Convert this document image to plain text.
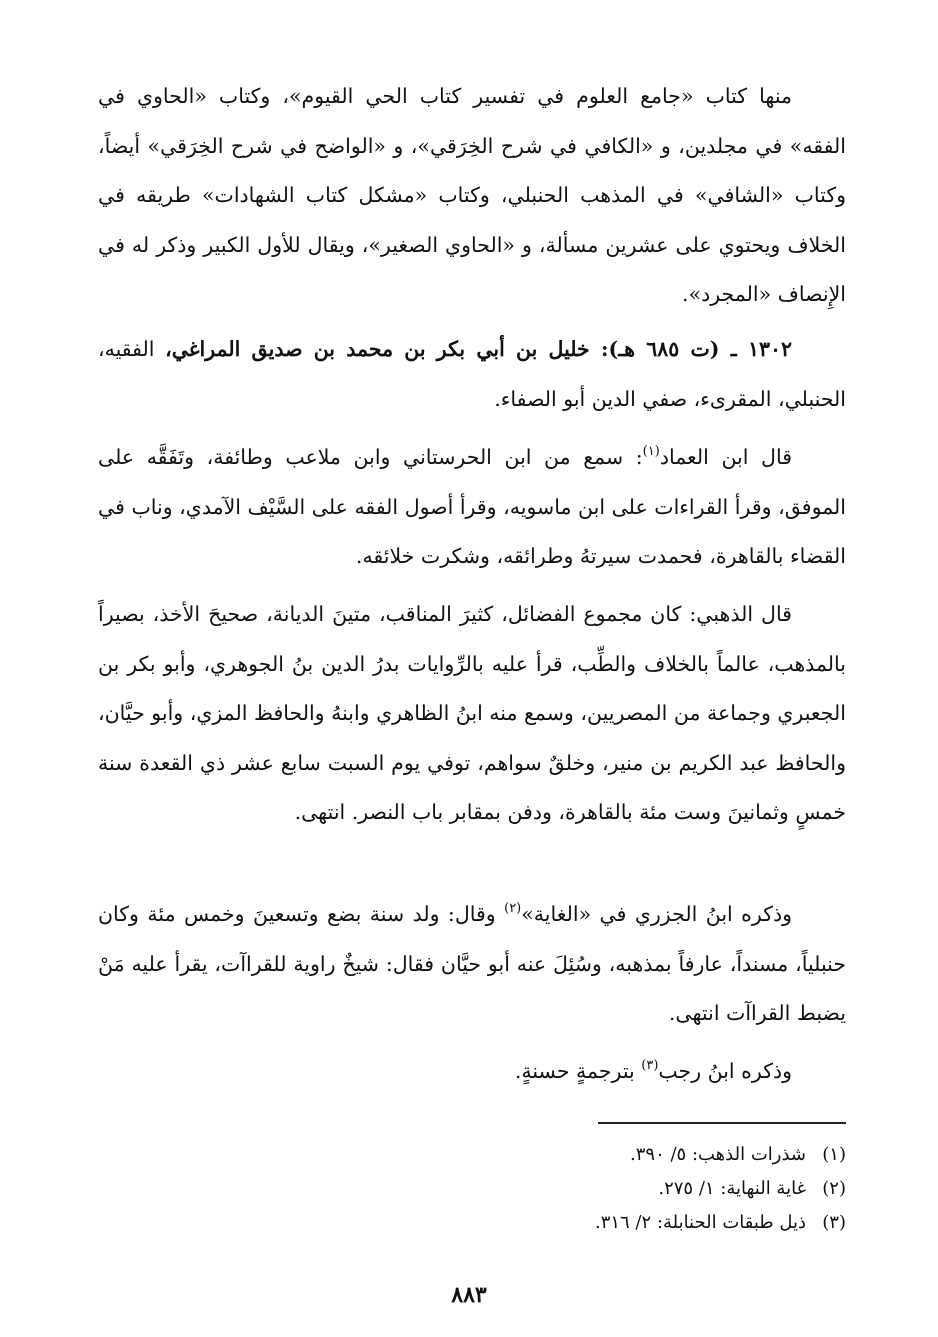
منها كتاب «جامع العلوم في تفسير كتاب الحي القيوم»، وكتاب «الحاوي في الفقه» في مجلدين، و «الكافي في شرح الخِرَقي»، و «الواضح في شرح الخِرَقي» أيضاً، وكتاب «الشافي» في المذهب الحنبلي، وكتاب «مشكل كتاب الشهادات» طريقه في الخلاف ويحتوي على عشرين مسألة، و «الحاوي الصغير»، ويقال للأول الكبير وذكر له في الإِنصاف «المجرد».

١٣٠٢ ـ (ت ٦٨٥ هـ): خليل بن أبي بكر بن محمد بن صديق المراغي، الفقيه، الحنبلي، المقرىء، صفي الدين أبو الصفاء.

قال ابن العماد$^{(١)}$: سمع من ابن الحرستاني وابن ملاعب وطائفة، وتَفَقَّه على الموفق، وقرأ القراءات على ابن ماسويه، وقرأ أصول الفقه على السَّيْف الآمدي، وناب في القضاء بالقاهرة، فحمدت سيرتهُ وطرائقه، وشكرت خلائقه.

قال الذهبي: كان مجموع الفضائل، كثيرَ المناقب، متينَ الديانة، صحيحَ الأخذ، بصيراً بالمذهب، عالماً بالخلاف والطِّب، قرأ عليه بالرِّوايات بدرُ الدين بنُ الجوهري، وأبو بكر بن الجعبري وجماعة من المصريين، وسمع منه ابنُ الظاهري وابنهُ والحافظ المزي، وأبو حيَّان، والحافظ عبد الكريم بن منير، وخلقٌ سواهم، توفي يوم السبت سابع عشر ذي القعدة سنة خمسٍ وثمانينَ وست مئة بالقاهرة، ودفن بمقابر باب النصر. انتهى.

وذكره ابنُ الجزري في «الغاية»$^{(٢)}$ وقال: ولد سنة بضع وتسعينَ وخمس مئة وكان حنبلياً، مسنداً، عارفاً بمذهبه، وسُئِلَ عنه أبو حيَّان فقال: شيخٌ راوية للقراآت، يقرأ عليه مَنْ يضبط القراآت انتهى.

وذكره ابنُ رجب$^{(٣)}$ بترجمةٍ حسنةٍ.

(١)شذرات الذهب: ٥/ ٣٩٠.
(٢)غاية النهاية: ١/ ٢٧٥.
(٣)ذيل طبقات الحنابلة: ٢/ ٣١٦.
٨٨٣
